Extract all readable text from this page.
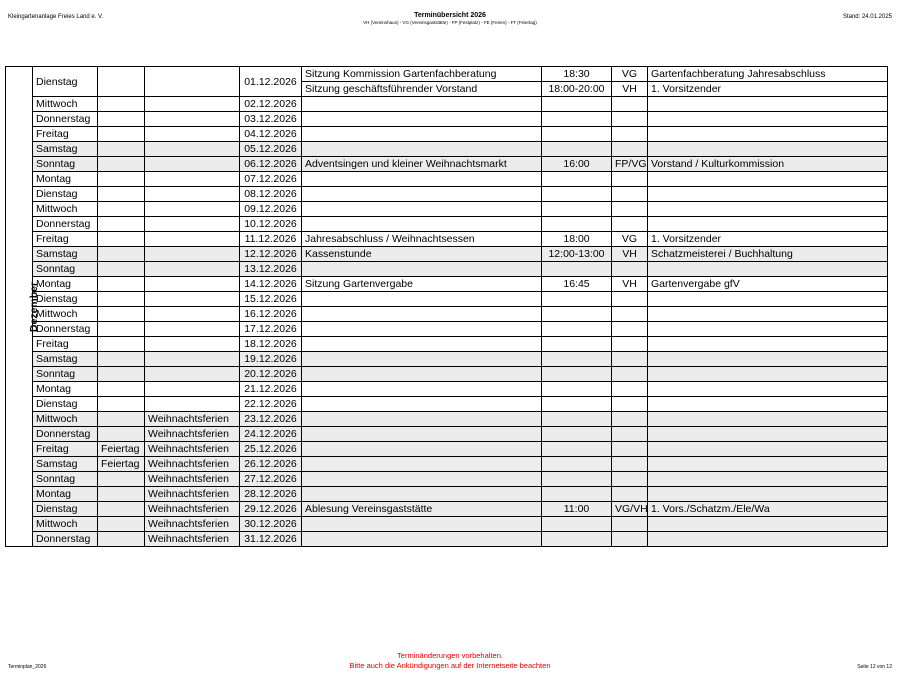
Kleingartenanlage Freies Land e. V.	Terminübersicht 2026
VH (Vereinshaus) - VG (Vereinsgaststätte) - FP (Festplatz) - FE (Ferien) - FT (Feiertag)
Stand: 24.01.2025
Dezember	Dienstag			01.12.2026	Sitzung Kommission Gartenfachberatung	18:30	VG	Gartenfachberatung Jahresabschluss
					Sitzung geschäftsführender Vorstand	18:00-20:00	VH	1. Vorsitzender
	Mittwoch			02.12.2026				
	Donnerstag			03.12.2026				
	Freitag			04.12.2026				
	Samstag			05.12.2026				
	Sonntag			06.12.2026	Adventsingen und kleiner Weihnachtsmarkt	16:00	FP/VG	Vorstand / Kulturkommission
	Montag			07.12.2026				
	Dienstag			08.12.2026				
	Mittwoch			09.12.2026				
	Donnerstag			10.12.2026				
	Freitag			11.12.2026	Jahresabschluss / Weihnachtsessen	18:00	VG	1. Vorsitzender
	Samstag			12.12.2026	Kassenstunde	12:00-13:00	VH	Schatzmeisterei / Buchhaltung
	Sonntag			13.12.2026				
	Montag			14.12.2026	Sitzung Gartenvergabe	16:45	VH	Gartenvergabe gfV
	Dienstag			15.12.2026				
	Mittwoch			16.12.2026				
	Donnerstag			17.12.2026				
	Freitag			18.12.2026				
	Samstag			19.12.2026				
	Sonntag			20.12.2026				
	Montag			21.12.2026				
	Dienstag			22.12.2026				
	Mittwoch		Weihnachtsferien	23.12.2026				
	Donnerstag		Weihnachtsferien	24.12.2026				
	Freitag	Feiertag	Weihnachtsferien	25.12.2026				
	Samstag	Feiertag	Weihnachtsferien	26.12.2026				
	Sonntag		Weihnachtsferien	27.12.2026				
	Montag		Weihnachtsferien	28.12.2026				
	Dienstag		Weihnachtsferien	29.12.2026	Ablesung Vereinsgaststätte	11:00	VG/VH	1. Vors./Schatzm./Ele/Wa
	Mittwoch		Weihnachtsferien	30.12.2026				
	Donnerstag		Weihnachtsferien	31.12.2026				
Terminplan_2026
Terminänderungen vorbehalten.
Bitte auch die Ankündigungen auf der Internetseite beachten	Seite 12 von 12
